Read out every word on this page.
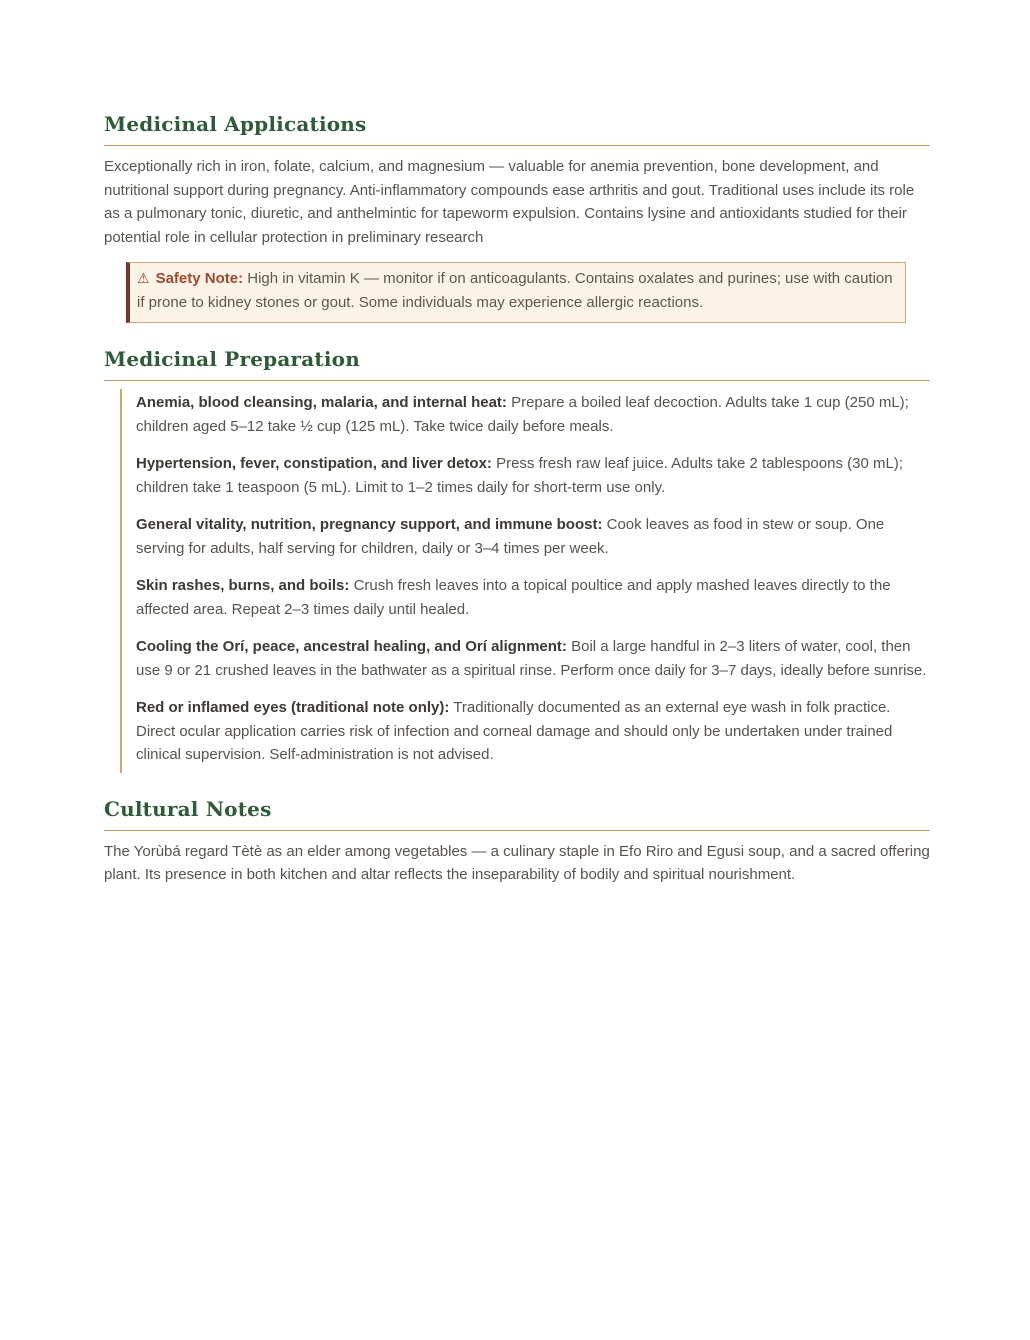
Medicinal Applications

Exceptionally rich in iron, folate, calcium, and magnesium — valuable for anemia prevention, bone development, and nutritional support during pregnancy. Anti-inflammatory compounds ease arthritis and gout. Traditional uses include its role as a pulmonary tonic, diuretic, and anthelmintic for tapeworm expulsion. Contains lysine and antioxidants studied for their potential role in cellular protection in preliminary research

⚠ Safety Note: High in vitamin K — monitor if on anticoagulants. Contains oxalates and purines; use with caution if prone to kidney stones or gout. Some individuals may experience allergic reactions.
Medicinal Preparation

Anemia, blood cleansing, malaria, and internal heat: Prepare a boiled leaf decoction. Adults take 1 cup (250 mL); children aged 5–12 take ½ cup (125 mL). Take twice daily before meals.

Hypertension, fever, constipation, and liver detox: Press fresh raw leaf juice. Adults take 2 tablespoons (30 mL); children take 1 teaspoon (5 mL). Limit to 1–2 times daily for short-term use only.

General vitality, nutrition, pregnancy support, and immune boost: Cook leaves as food in stew or soup. One serving for adults, half serving for children, daily or 3–4 times per week.

Skin rashes, burns, and boils: Crush fresh leaves into a topical poultice and apply mashed leaves directly to the affected area. Repeat 2–3 times daily until healed.

Cooling the Orí, peace, ancestral healing, and Orí alignment: Boil a large handful in 2–3 liters of water, cool, then use 9 or 21 crushed leaves in the bathwater as a spiritual rinse. Perform once daily for 3–7 days, ideally before sunrise.

Red or inflamed eyes (traditional note only): Traditionally documented as an external eye wash in folk practice. Direct ocular application carries risk of infection and corneal damage and should only be undertaken under trained clinical supervision. Self-administration is not advised.

Cultural Notes

The Yorùbá regard Tètè as an elder among vegetables — a culinary staple in Efo Riro and Egusi soup, and a sacred offering plant. Its presence in both kitchen and altar reflects the inseparability of bodily and spiritual nourishment.
